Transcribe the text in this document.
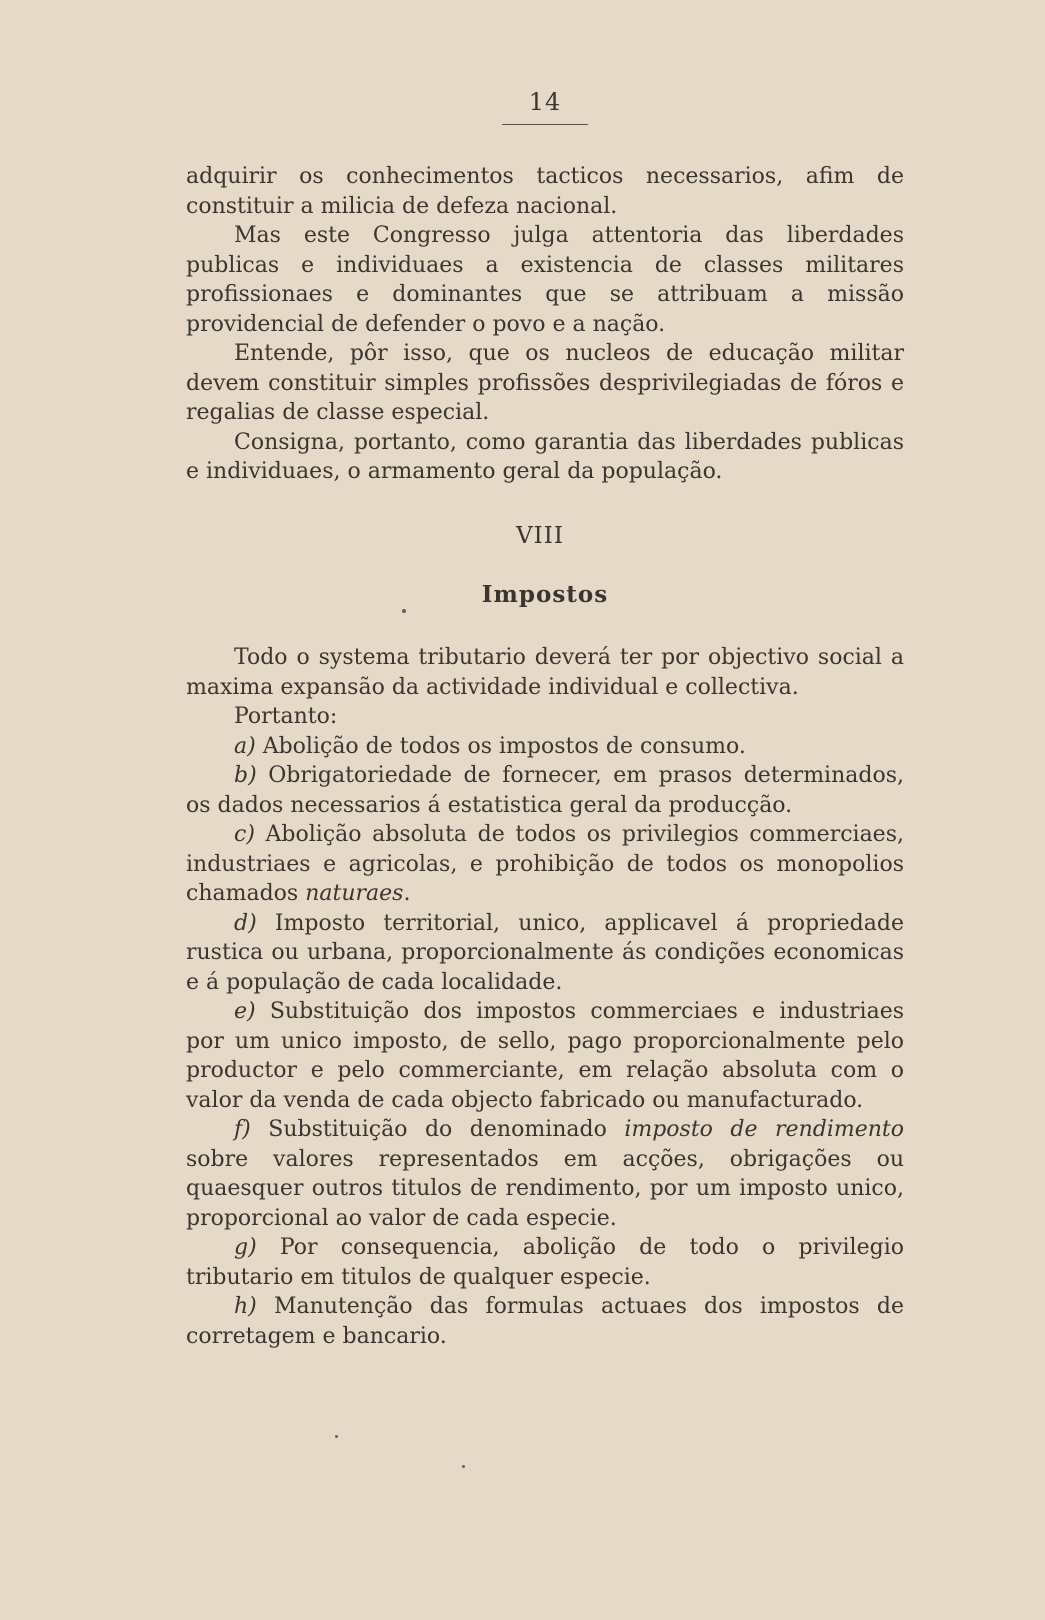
14

adquirir os conhecimentos tacticos necessarios, afim de constituir a milicia de defeza nacional.

Mas este Congresso julga attentoria das liberdades publicas e individuaes a existencia de classes militares profissionaes e dominantes que se attribuam a missão providencial de defender o povo e a nação.

Entende, pôr isso, que os nucleos de educação militar devem constituir simples profissões desprivilegiadas de fóros e regalias de classe especial.

Consigna, portanto, como garantia das liberdades publicas e individuaes, o armamento geral da população.

VIII
Impostos

Todo o systema tributario deverá ter por objectivo social a maxima expansão da actividade individual e collectiva.

Portanto:

a) Abolição de todos os impostos de consumo.

b) Obrigatoriedade de fornecer, em prasos determinados, os dados necessarios á estatistica geral da producção.

c) Abolição absoluta de todos os privilegios commerciaes, industriaes e agricolas, e prohibição de todos os monopolios chamados naturaes.

d) Imposto territorial, unico, applicavel á propriedade rustica ou urbana, proporcionalmente ás condições economicas e á população de cada localidade.

e) Substituição dos impostos commerciaes e industriaes por um unico imposto, de sello, pago proporcionalmente pelo productor e pelo commerciante, em relação absoluta com o valor da venda de cada objecto fabricado ou manufacturado.

f) Substituição do denominado imposto de rendimento sobre valores representados em acções, obrigações ou quaesquer outros titulos de rendimento, por um imposto unico, proporcional ao valor de cada especie.

g) Por consequencia, abolição de todo o privilegio tributario em titulos de qualquer especie.

h) Manutenção das formulas actuaes dos impostos de corretagem e bancario.
